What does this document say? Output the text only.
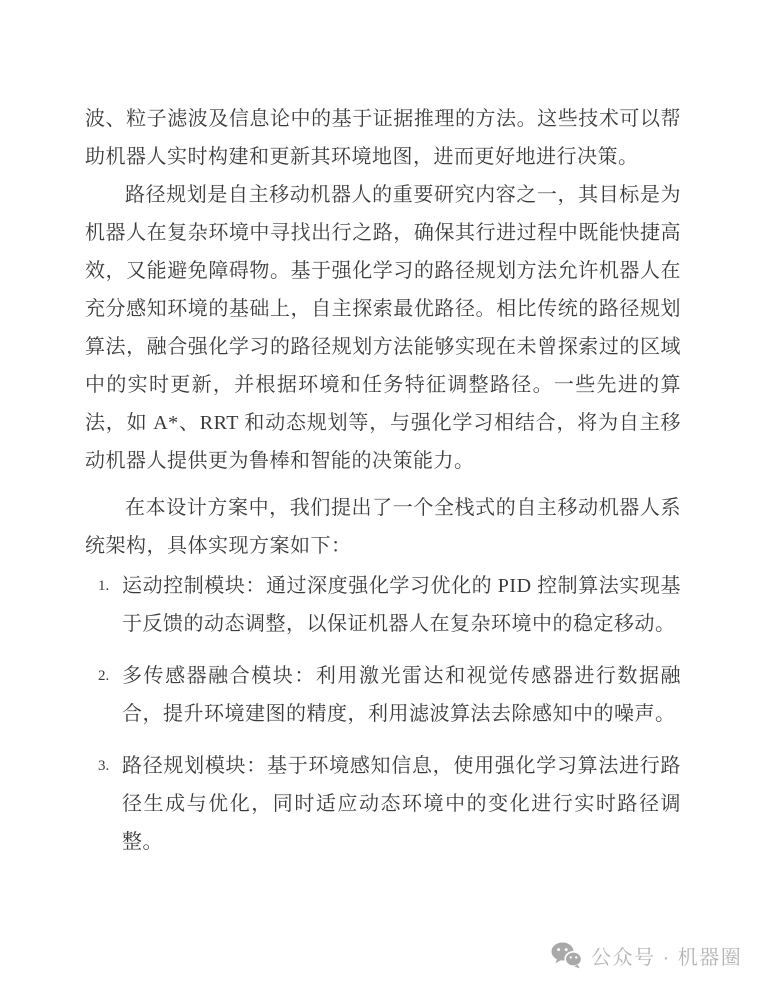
波、粒子滤波及信息论中的基于证据推理的方法。这些技术可以帮助机器人实时构建和更新其环境地图，进而更好地进行决策。

路径规划是自主移动机器人的重要研究内容之一，其目标是为机器人在复杂环境中寻找出行之路，确保其行进过程中既能快捷高效，又能避免障碍物。基于强化学习的路径规划方法允许机器人在充分感知环境的基础上，自主探索最优路径。相比传统的路径规划算法，融合强化学习的路径规划方法能够实现在未曾探索过的区域中的实时更新，并根据环境和任务特征调整路径。一些先进的算法，如 A*、RRT 和动态规划等，与强化学习相结合，将为自主移动机器人提供更为鲁棒和智能的决策能力。

在本设计方案中，我们提出了一个全栈式的自主移动机器人系统架构，具体实现方案如下：

1. 运动控制模块：通过深度强化学习优化的 PID 控制算法实现基于反馈的动态调整，以保证机器人在复杂环境中的稳定移动。
2. 多传感器融合模块：利用激光雷达和视觉传感器进行数据融合，提升环境建图的精度，利用滤波算法去除感知中的噪声。
3. 路径规划模块：基于环境感知信息，使用强化学习算法进行路径生成与优化，同时适应动态环境中的变化进行实时路径调整。
公众号 · 机器圈
